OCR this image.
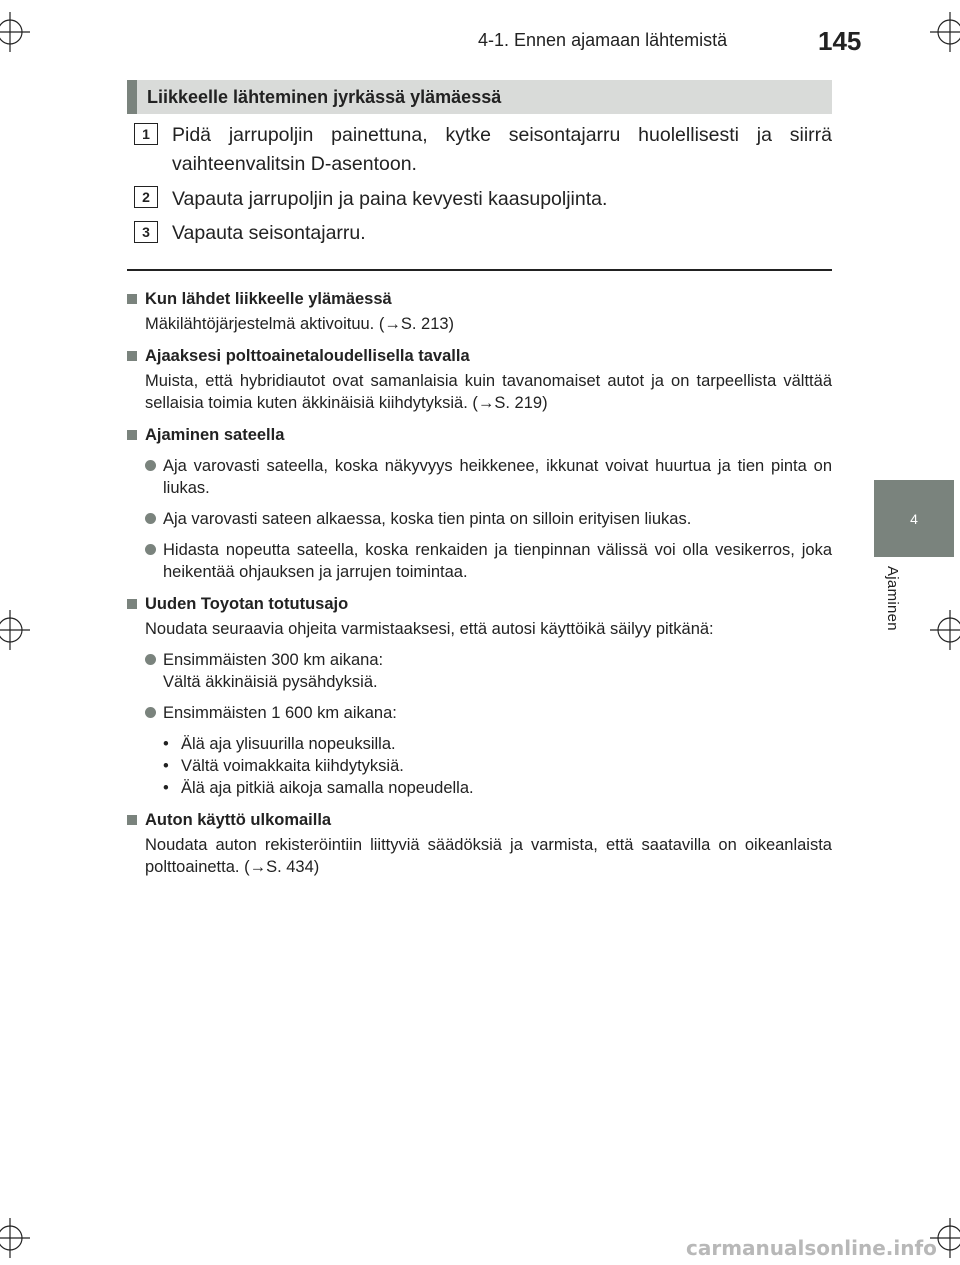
4-1. Ennen ajamaan lähtemistä	145
4
Ajaminen
Liikkeelle lähteminen jyrkässä ylämäessä
1	Pidä jarrupoljin painettuna, kytke seisontajarru huolellisesti ja siirrä vaihteenvalitsin D-asentoon.
2	Vapauta jarrupoljin ja paina kevyesti kaasupoljinta.
3	Vapauta seisontajarru.
Kun lähdet liikkeelle ylämäessä
Mäkilähtöjärjestelmä aktivoituu. (→S. 213)
Ajaaksesi polttoainetaloudellisella tavalla
Muista, että hybridiautot ovat samanlaisia kuin tavanomaiset autot ja on tarpeellista välttää sellaisia toimia kuten äkkinäisiä kiihdytyksiä. (→S. 219)
Ajaminen sateella
Aja varovasti sateella, koska näkyvyys heikkenee, ikkunat voivat huurtua ja tien pinta on liukas.
Aja varovasti sateen alkaessa, koska tien pinta on silloin erityisen liukas.
Hidasta nopeutta sateella, koska renkaiden ja tienpinnan välissä voi olla vesikerros, joka heikentää ohjauksen ja jarrujen toimintaa.
Uuden Toyotan totutusajo
Noudata seuraavia ohjeita varmistaaksesi, että autosi käyttöikä säilyy pitkänä:
Ensimmäisten 300 km aikana:
Vältä äkkinäisiä pysähdyksiä.
Ensimmäisten 1 600 km aikana:
• Älä aja ylisuurilla nopeuksilla.
• Vältä voimakkaita kiihdytyksiä.
• Älä aja pitkiä aikoja samalla nopeudella.
Auton käyttö ulkomailla
Noudata auton rekisteröintiin liittyviä säädöksiä ja varmista, että saatavilla on oikeanlaista polttoainetta. (→S. 434)
carmanualsonline.info
